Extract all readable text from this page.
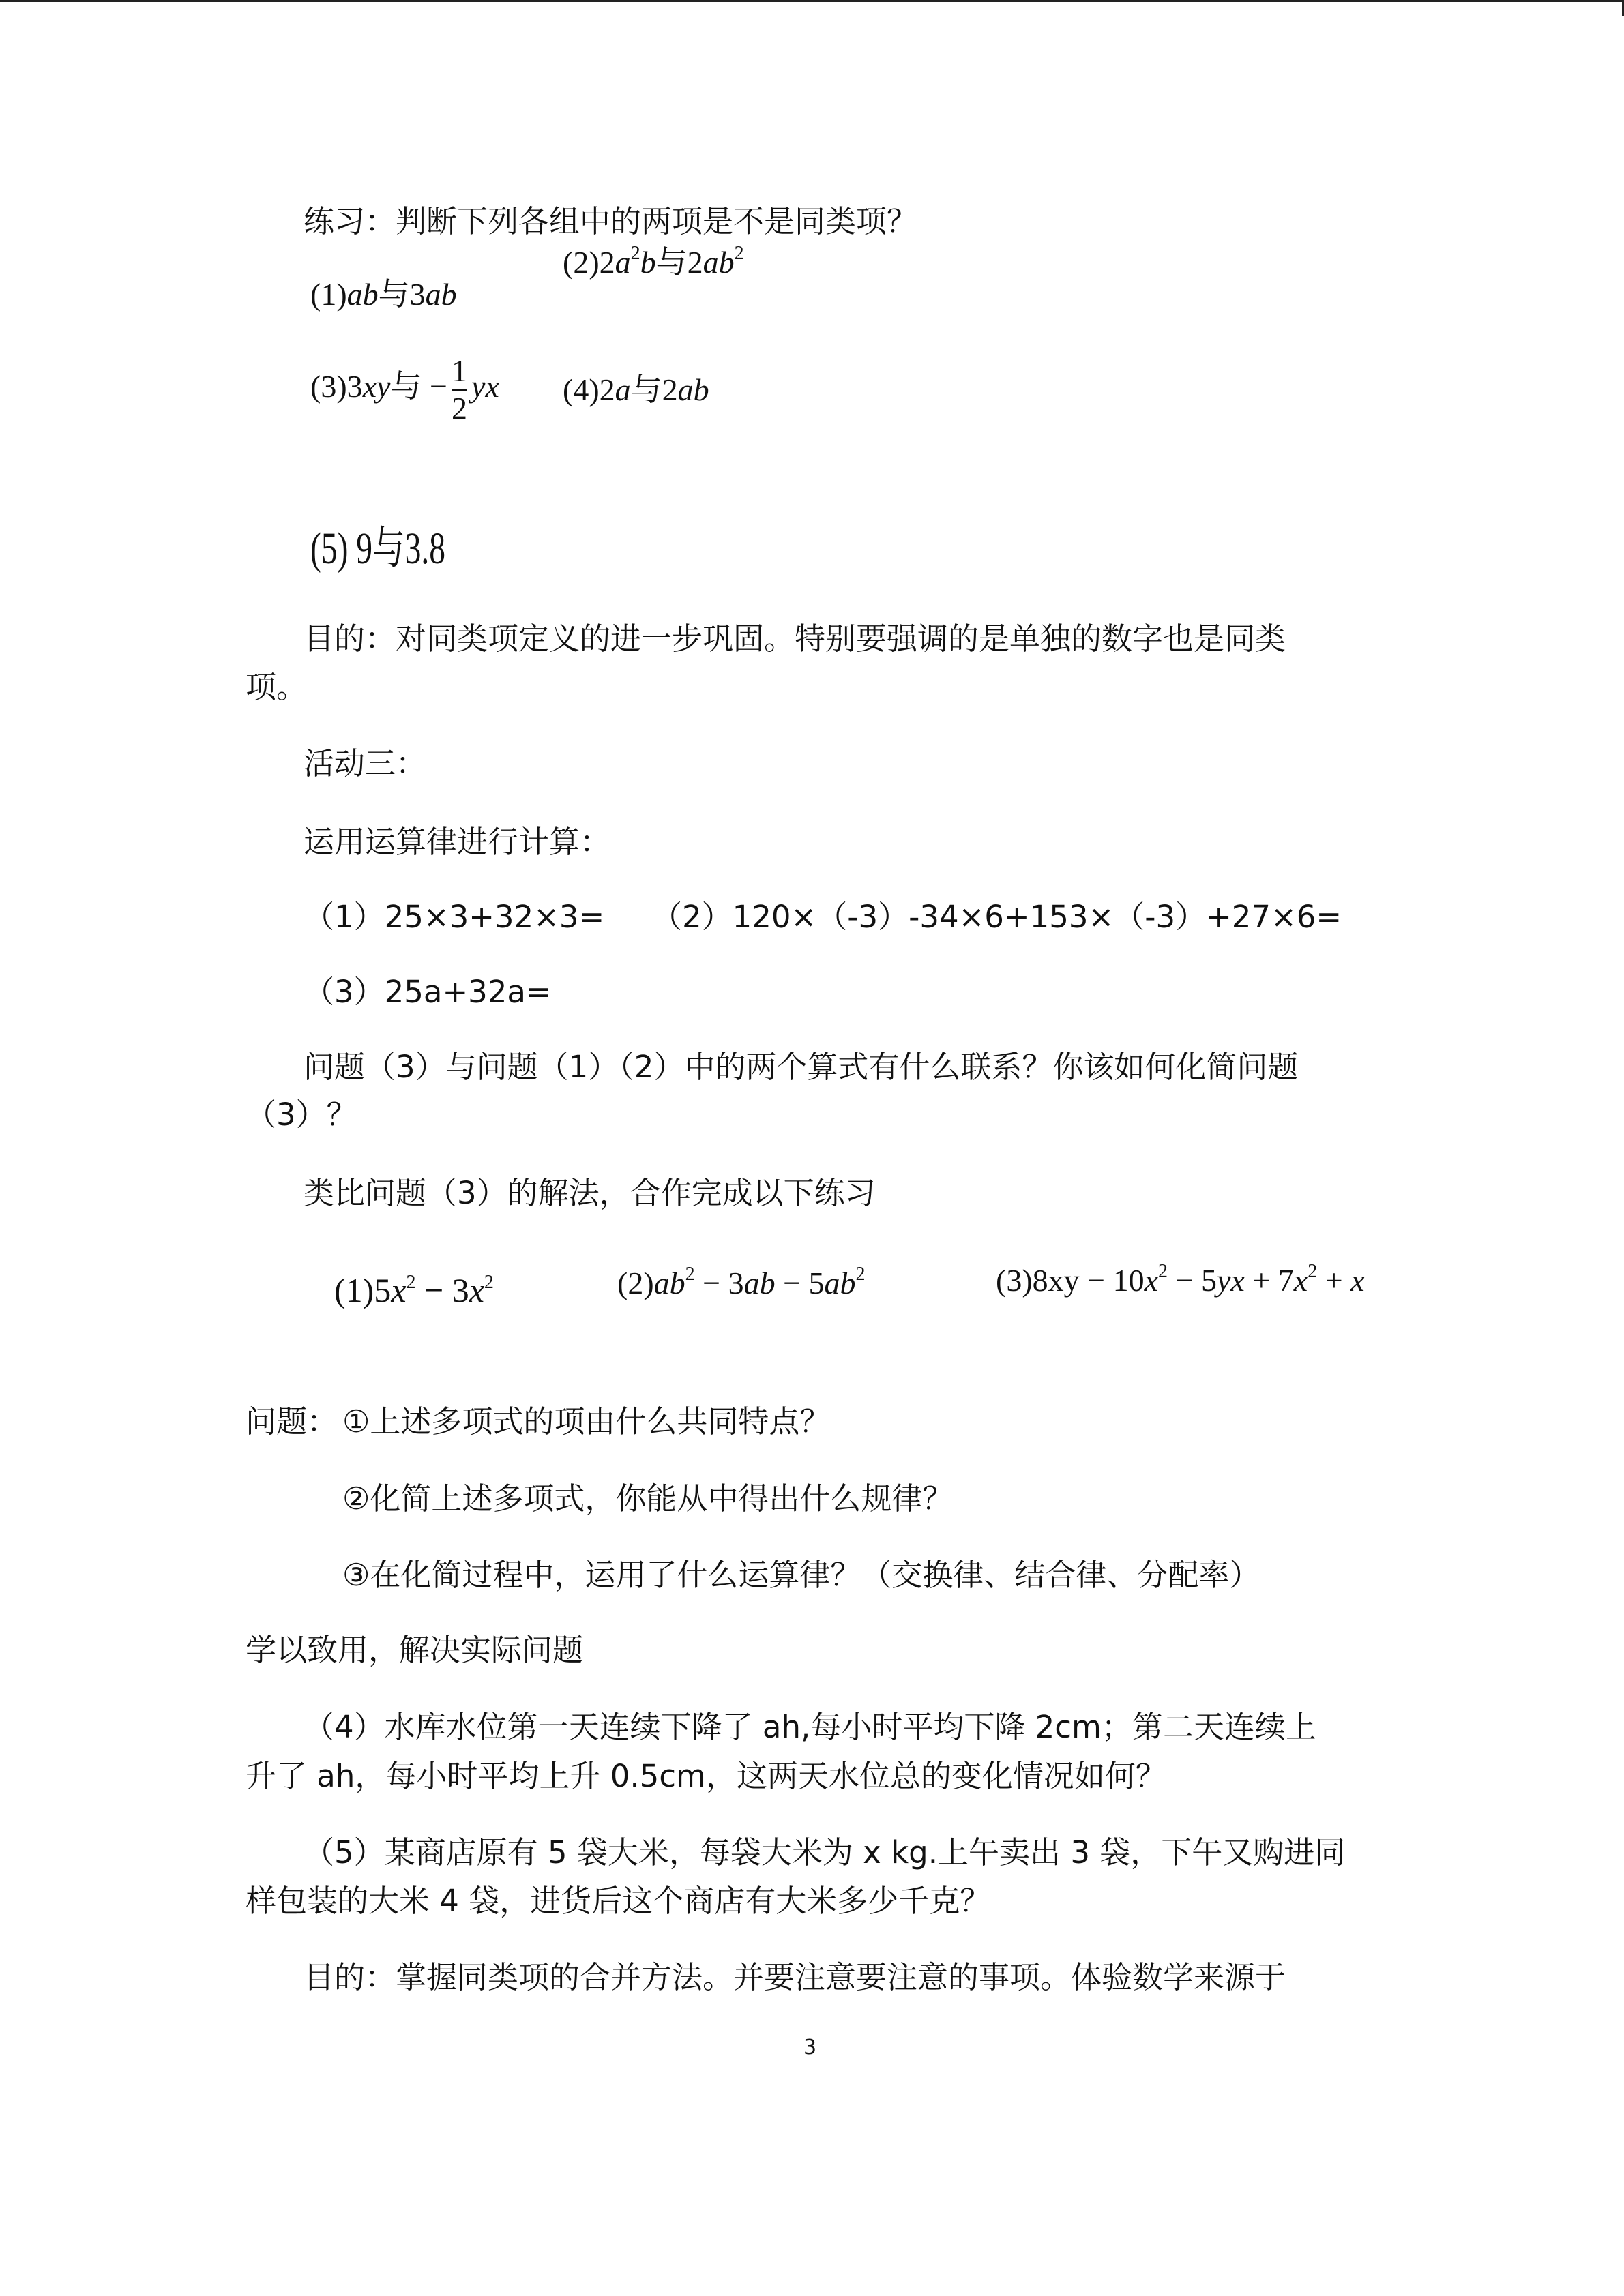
练习：判断下列各组中的两项是不是同类项？
$(2)2a^2b$与$2ab^2$
(1)ab与3ab
(3)3xy与 − $\frac{1}{2}$ yx (4)2a与2ab
(5) 9与3.8
目的：对同类项定义的进一步巩固。特别要强调的是单独的数字也是同类
项。
活动三：
运用运算律进行计算：
（1）25×3+32×3= （2）120×（-3）-34×6+153×（-3）+27×6=
（3）25a+32a=
问题（3）与问题（1）（2）中的两个算式有什么联系？你该如何化简问题
（3）？
类比问题（3）的解法，合作完成以下练习
$(1)5x^2 - 3x^2$	$(2)ab^2 - 3ab - 5ab^2$	$(3)8xy - 10x^2 - 5yx + 7x^2 + x$
问题： ①上述多项式的项由什么共同特点？
②化简上述多项式，你能从中得出什么规律？
③在化简过程中，运用了什么运算律？（交换律、结合律、分配率）
学以致用，解决实际问题
（4）水库水位第一天连续下降了 ah,每小时平均下降 2cm；第二天连续上
升了 ah，每小时平均上升 0.5cm，这两天水位总的变化情况如何？
（5）某商店原有 5 袋大米，每袋大米为 x kg.上午卖出 3 袋，下午又购进同
样包装的大米 4 袋，进货后这个商店有大米多少千克？
目的：掌握同类项的合并方法。并要注意要注意的事项。体验数学来源于
3
